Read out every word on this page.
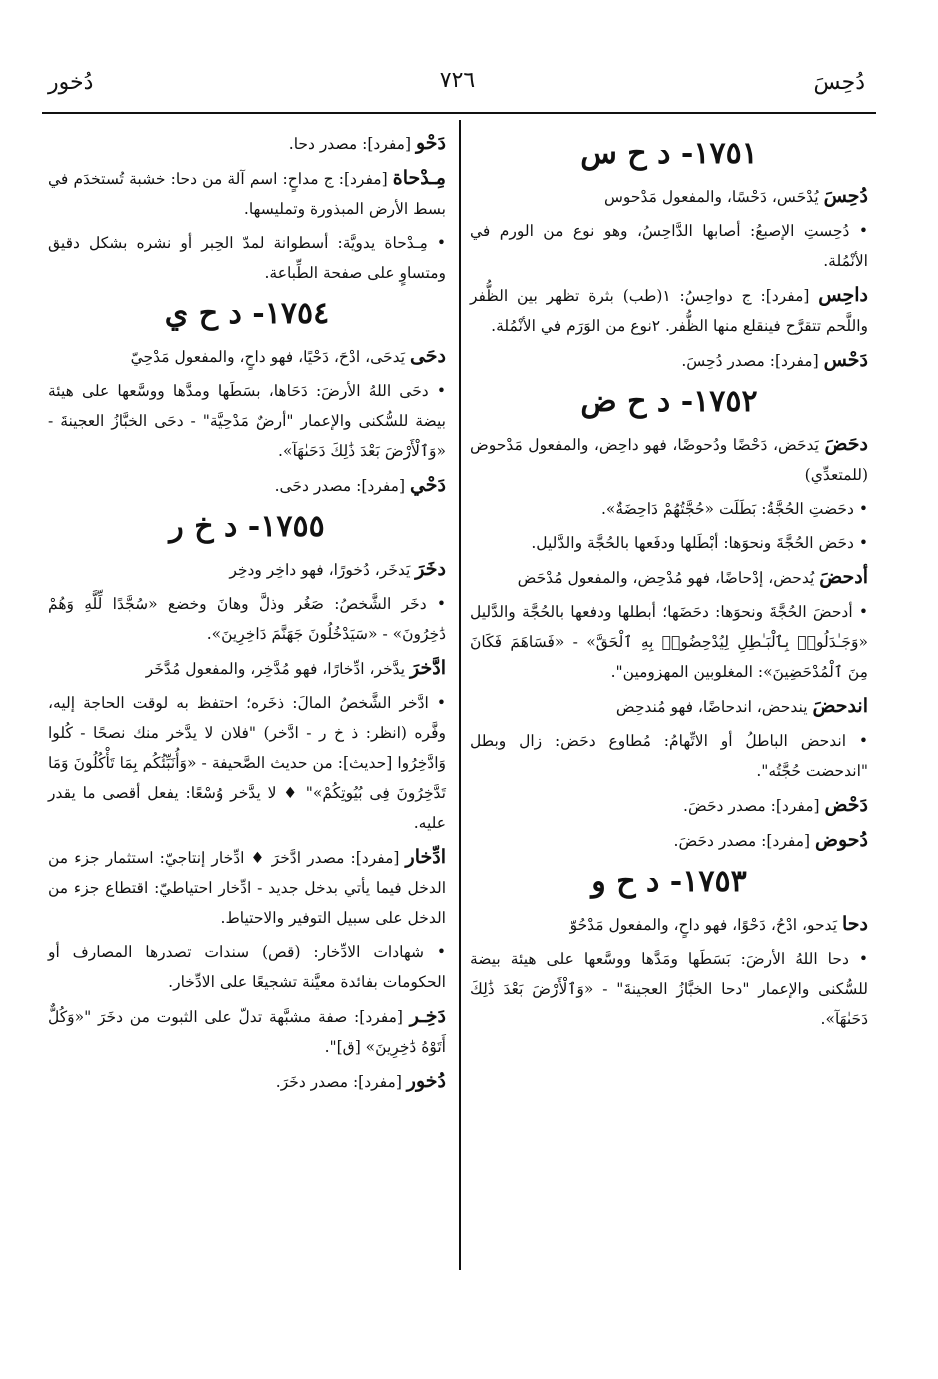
دُحِسَ
٧٢٦
دُخور
١٧٥١- د ح س

دُحِسَ يُدْحَس، دَحْسًا، والمفعول مَدْحوس

• دُحِستِ الإصبعُ: أصابها الدَّاحِسُ، وهو نوع من الورم في الأنْمُلة.

داحِس [مفرد]: ج دواحِسُ: ١(طب) بثرة تظهر بين الظُّفر واللَّحم تتقرَّح فينقلع منها الظُّفر. ٢نوع من الوَرَم في الأنْمُلة.

دَحْس [مفرد]: مصدر دُحِسَ.

١٧٥٢- د ح ض

دحَضَ يَدحَض، دَحْضًا ودُحوضًا، فهو داحِض، والمفعول مَدْحوض (للمتعدِّي)

• دحَضتِ الحُجَّةُ: بَطَلَت «حُجَّتُهُمْ دَاحِضَةٌ».

• دحَض الحُجَّةَ ونحوَها: أبْطَلها ودفَعها بالحُجَّة والدَّليل.

أدحضَ يُدحض، إدْحاضًا، فهو مُدْحِض، والمفعول مُدْحَض

• أدحضَ الحُجَّةَ ونحوَها: دحَضَها؛ أبطلها ودفعها بالحُجَّة والدَّليل «وَجَـٰدَلُوا۟ بِٱلْبَـٰطِلِ لِيُدْحِضُوا۟ بِهِ ٱلْحَقَّ» - «فَسَاهَمَ فَكَانَ مِنَ ٱلْمُدْحَضِينَ»: المغلوبين المهزومين".

اندحضَ يندحض، اندحاضًا، فهو مُندحِض

• اندحض الباطلُ أو الاتِّهامُ: مُطاوع دحَض: زال وبطل "اندحضت حُجَّتُه".

دَحْض [مفرد]: مصدر دحَضَ.

دُحوض [مفرد]: مصدر دحَضَ.

١٧٥٣- د ح و

دحا يَدحو، ادْحُ، دَحْوًا، فهو داحٍ، والمفعول مَدْحُوّ

• دحا اللهُ الأرضَ: بَسَطَها ومَدَّها ووسَّعها على هيئة بيضة للسُّكنى والإعمار "دحا الخبَّازُ العجينةَ" - «وَٱلْأَرْضَ بَعْدَ ذَٰلِكَ دَحَىٰهَآ».

دَحْو [مفرد]: مصدر دحا.

مِـدْحاة [مفرد]: ج مداحٍ: اسم آلة من دحا: خشبة تُستخدَم في بسط الأرض المبذورة وتمليسها.

• مِـدْحاة يدويَّة: أسطوانة لمدّ الحِبر أو نشره بشكل دقيق ومتساوٍ على صفحة الطِّباعة.

١٧٥٤- د ح ي

دحَى يَدحَى، ادْحَ، دَحْيًا، فهو داحٍ، والمفعول مَدْحِيّ

• دحَى اللهُ الأرضَ: دَحَاها، بسَطَها ومدَّها ووسَّعها على هيئة بيضة للسُّكنى والإعمار "أرضٌ مَدْحِيَّة" - دحَى الخبَّازُ العجينةَ - «وَٱلْأَرْضَ بَعْدَ ذَٰلِكَ دَحَىٰهَآ».

دَحْي [مفرد]: مصدر دحَى.

١٧٥٥- د خ ر

دخَرَ يَدخَر، دُخورًا، فهو داخِر ودخِر

• دخَر الشَّخصُ: صَغُر وذلَّ وهانَ وخضع «سُجَّدًا لِّلَّهِ وَهُمْ دَٰخِرُونَ» - «سَيَدْخُلُونَ جَهَنَّمَ دَاخِرِينَ».

ادَّخرَ يدَّخر، ادِّخارًا، فهو مُدَّخِر، والمفعول مُدَّخَر

• ادَّخر الشَّخصُ المالَ: ذخَره؛ احتفظ به لوقت الحاجة إليه، وفَّره (انظر: ذ خ ر - ادَّخر) "فلان لا يدَّخر منك نصحًا - كُلوا وَادَّخِرُوا [حديث]: من حديث الصَّحيفة - «وَأُنَبِّئُكُم بِمَا تَأْكُلُونَ وَمَا تَدَّخِرُونَ فِى بُيُوتِكُمْ»" ♦ لا يدَّخر وُسْعًا: يفعل أقصى ما يقدر عليه.

ادِّخار [مفرد]: مصدر ادَّخرَ ♦ ادِّخار إنتاجيّ: استثمار جزء من الدخل فيما يأتي بدخل جديد - ادِّخار احتياطيّ: اقتطاع جزء من الدخل على سبيل التوفير والاحتياط.

• شهادات الادِّخار: (قص) سندات تصدرها المصارف أو الحكومات بفائدة معيَّنة تشجيعًا على الادِّخار.

دَخِـر [مفرد]: صفة مشبَّهة تدلّ على الثبوت من دخَرَ "«وَكُلٌّ أَتَوْهُ دَٰخِرِينَ» [ق]".

دُخور [مفرد]: مصدر دخَرَ.
